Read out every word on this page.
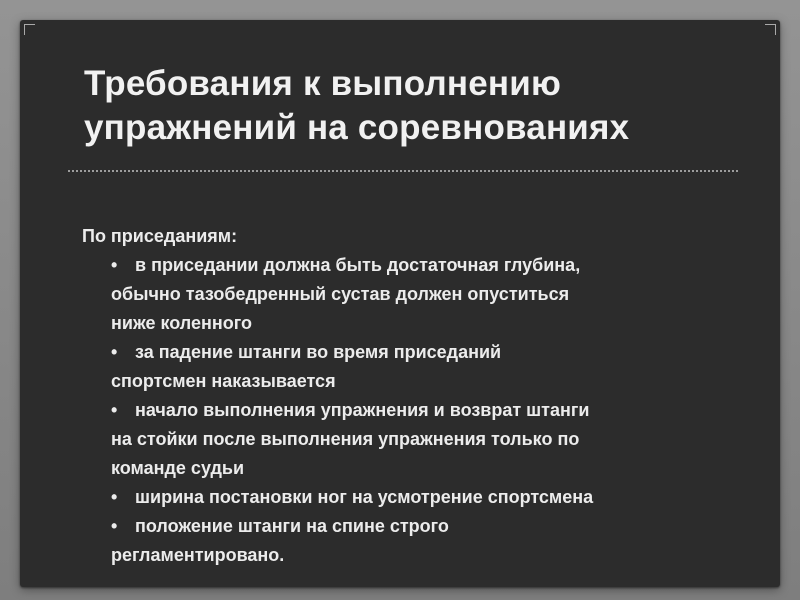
Требования к выполнению
упражнений на соревнованиях
По приседаниям:
• в приседании должна быть достаточная глубина,
обычно тазобедренный сустав должен опуститься
ниже коленного
• за падение штанги во время приседаний
спортсмен наказывается
• начало выполнения упражнения и возврат штанги
на стойки после выполнения упражнения только по
команде судьи
• ширина постановки ног на усмотрение спортсмена
• положение штанги на спине строго
регламентировано.
